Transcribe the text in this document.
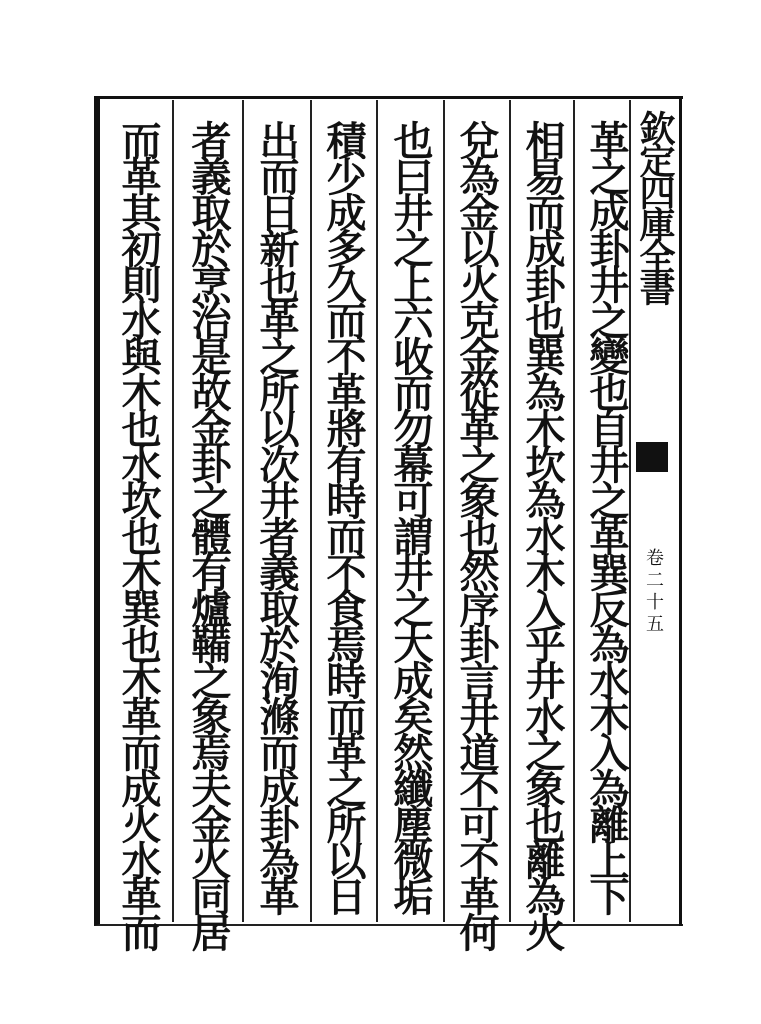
欽定四庫全書
卷二十五
革之成卦井之變也自井之革巽反為水木入為離上下
相易而成卦也巽為木坎為水木入乎井水之象也離為火
兌為金以火克金從革之象也然序卦言井道不可不革何
也曰井之上六收而勿幕可謂井之大成矣然纖塵微垢
積少成多久而不革將有時而不食焉時而革之所以日
出而日新也革之所以次井者義取於洵滌而成卦為革
者義取於烹治是故金卦之體有爐鞴之象焉夫金火同居
而革其初則水與木也水坎也木巽也木革而成火水革而
